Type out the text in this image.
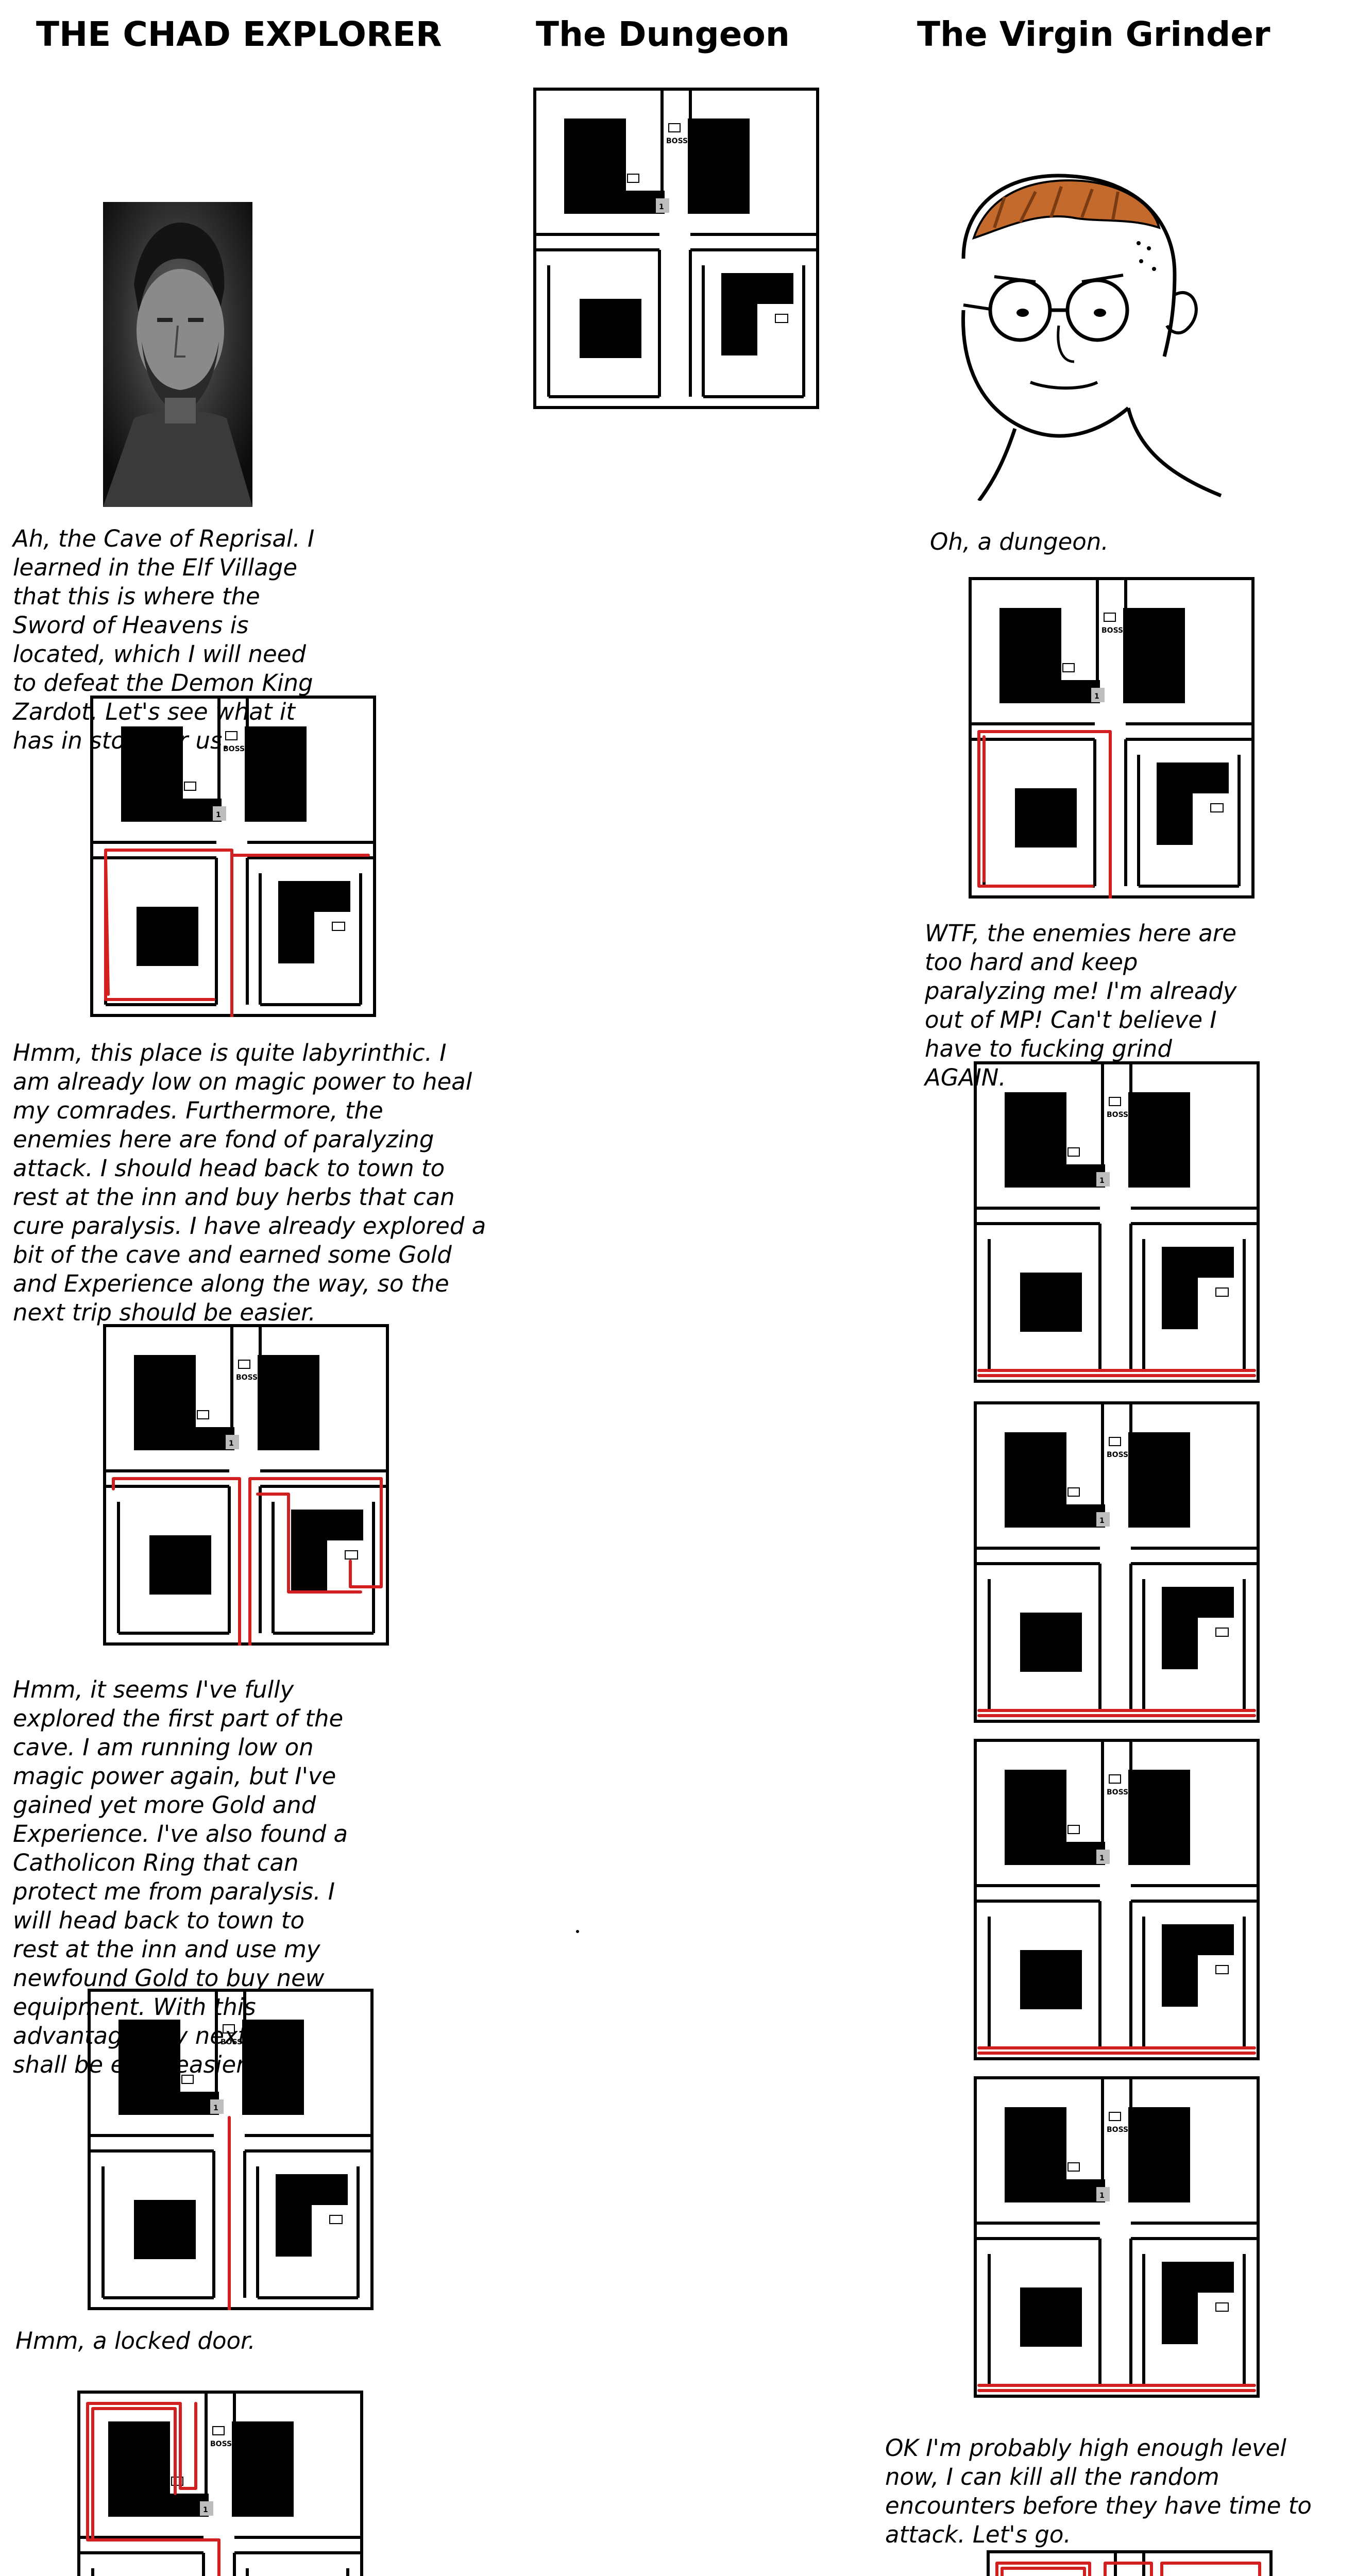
THE CHAD EXPLORER	The Dungeon	The Virgin Grinder

Ah, the Cave of Reprisal. I learned in the Elf Village that this is where the Sword of Heavens is located, which I will need to defeat the Demon King Zardot. Let's see what it has in store for us.

Hmm, this place is quite labyrinthic. I am already low on magic power to heal my comrades. Furthermore, the enemies here are fond of paralyzing attack. I should head back to town to rest at the inn and buy herbs that can cure paralysis. I have already explored a bit of the cave and earned some Gold and Experience along the way, so the next trip should be easier.

Hmm, it seems I've fully explored the first part of the cave. I am running low on magic power again, but I've gained yet more Gold and Experience. I've also found a Catholicon Ring that can protect me from paralysis. I will head back to town to rest at the inn and use my newfound Gold to buy new equipment. With this advantage, my next trip shall be even easier.

Hmm, a locked door.

Oh, a dungeon.

WTF, the enemies here are too hard and keep paralyzing me! I'm already out of MP! Can't believe I have to fucking grind AGAIN.

OK I'm probably high enough level now, I can kill all the random encounters before they have time to attack. Let's go.
